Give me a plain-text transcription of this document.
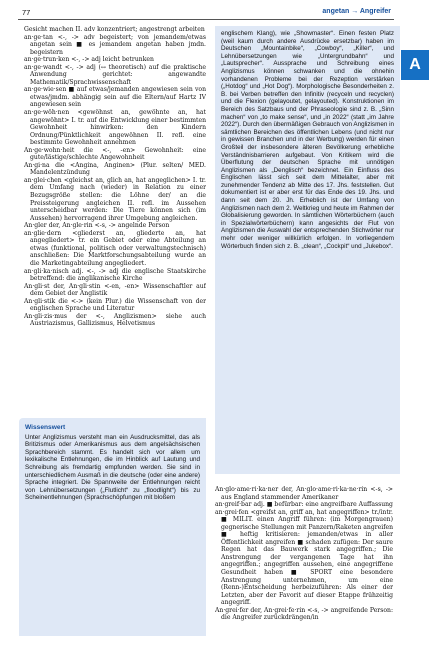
77	angetan → Angreifer
A

Gesicht machen II. adv konzentriert; angestrengt arbeiten

an·ge·tan <-, -> adv begeistert; von jemandem/etwas angetan sein ■ es jemandem angetan haben jmdn. begeistern

an·ge·trun·ken <-, -> adj leicht betrunken

an·ge·wandt <-, -> adj (↔ theoretisch) auf die praktische Anwendung gerichtet: angewandte Mathematik/Sprachwissenschaft

an·ge·wie·sen ■ auf etwas/jemanden angewiesen sein von etwas/jmdm. abhängig sein auf die Eltern/auf Hartz IV angewiesen sein

an·ge·wöh·nen <gewöhnst an, gewöhnte an, hat angewöhnt> I. tr. auf die Entwicklung einer bestimmten Gewohnheit hinwirken: den Kindern Ordnung/Pünktlichkeit angewöhnen II. refl. eine bestimmte Gewohnheit annehmen

An·ge·wohn·heit die <-, -en> Gewohnheit: eine gute/lästige/schlechte Angewohnheit

An·gi·na die <Angina, Anginen> (Plur. selten/ MED. Mandelentzündung

an·glei·chen <gleichst an, glich an, hat angeglichen> I. tr. dem Umfang nach (wieder) in Relation zu einer Bezugsgröße stellen: die Löhne der/ an die Preissteigerung angleichen II. refl. im Aussehen unterscheidbar werden: Die Tiere können sich (im Aussehen) hervorragend ihrer Umgebung angleichen.

An·gler der, An·gle·rin <-s, -> angelnde Person

an·glie·dern <gliederst an, gliederte an, hat angegliedert> tr. ein Gebiet oder eine Abteilung an etwas (funktional, politisch oder verwaltungstechnisch) anschließen: Die Marktforschungsabteilung wurde an die Marketingabteilung angegliedert.

an·gli·ka·nisch adj. <-, -> adj die englische Staatskirche betreffend: die anglikanische Kirche

An·gli·st der, An·gli·stin <-en, -en> Wissenschaftler auf dem Gebiet der Anglistik

An·gli·stik die <-> (kein Plur.) die Wissenschaft von der englischen Sprache und Literatur

An·gli·zis·mus der <-, Anglizismen> siehe auch Austriazismus, Gallizismus, Helvetismus

Wissenswert
Unter Anglizismus versteht man ein Ausdrucksmittel, das als Britizismus oder Amerikanismus aus dem angelsächsischen Sprachbereich stammt. Es handelt sich vor allem um lexikalische Entlehnungen, die im Hinblick auf Lautung und Schreibung als fremdartig empfunden werden. Sie sind in unterschiedlichem Ausmaß in die deutsche (oder eine andere) Sprache integriert. Die Spannweite der Entlehnungen reicht von Lehnübersetzungen („Flutlicht“ zu „floodlight“) bis zu Scheinentlehnungen (Sprachschöpfungen mit bloßem
englischem Klang), wie „Showmaster“. Einen festen Platz (weil kaum durch andere Ausdrücke ersetzbar) haben im Deutschen „Mountainbike“, „Cowboy“, „Killer“, und Lehnübersetzungen wie „Untergrundbahn“ und „Lautsprecher“. Aussprache und Schreibung eines Anglizismus können schwanken und die ohnehin vorhandenen Probleme bei der Rezeption verstärken („Hotdog“ und „Hot Dog“). Morphologische Besonderheiten z. B. bei Verben betreffen den Infinitiv (recyceln und recyclen) und die Flexion (gelayoutet, gelayouted). Konstruktionen im Bereich des Satzbaus und der Phraseologie sind z. B. „Sinn machen“ von „to make sense“, und „in 2022“ (statt „im Jahre 2022“). Durch den übermäßigen Gebrauch von Anglizismen in sämtlichen Bereichen des öffentlichen Lebens (und nicht nur in gewissen Branchen und in der Werbung) werden für einen Großteil der insbesondere älteren Bevölkerung erhebliche Verständnisbarrieren aufgebaut. Von Kritikern wird die Überflutung der deutschen Sprache mit unnötigen Anglizismen als „Denglisch“ bezeichnet. Ein Einfluss des Englischen lässt sich seit dem Mittelalter, aber mit zunehmender Tendenz ab Mitte des 17. Jhs. feststellen. Gut dokumentiert ist er aber erst für das Ende des 19. Jhs. und dann seit dem 20. Jh. Erheblich ist der Umfang von Anglizismen nach dem 2. Weltkrieg und heute im Rahmen der Globalisierung geworden. In sämtlichen Wörterbüchern (auch in Spezialwörterbüchern) kann angesichts der Flut von Anglizismen die Auswahl der entsprechenden Stichwörter nur mehr oder weniger willkürlich erfolgen. In vorliegendem Wörterbuch finden sich z. B. „clean“, „Cockpit“ und „Jukebox“.

An·glo·ame·ri·ka·ner der, An·glo·ame·ri·ka·ne·rin <-s, -> aus England stammender Amerikaner

an·greif·bar adj. ■ befürbar: eine angreifbare Auffassung

an·grei·fen <greifst an, griff an, hat angegriffen> tr./intr. ■ MILIT. einen Angriff führen: (im Morgengrauen) gegnerische Stellungen mit Panzern/Raketen angreifen ■ heftig kritisieren: jemanden/etwas in aller Öffentlichkeit angreifen ■ schaden zufügen: Der saure Regen hat das Bauwerk stark angegriffen.; Die Anstrengung der vergangenen Tage hat ihn angegriffen.; angegriffen aussehen, eine angegriffene Gesundheit haben ■ SPORT eine besondere Anstrengung unternehmen, um eine (Renn-)Entscheidung herbeizuführen: Als einer der Letzten, aber der Favorit auf dieser Etappe frühzeitig angegriff.

An·grei·fer der, An·grei·fe·rin <-s, -> angreifende Person: die Angreifer zurückdrängen/in
